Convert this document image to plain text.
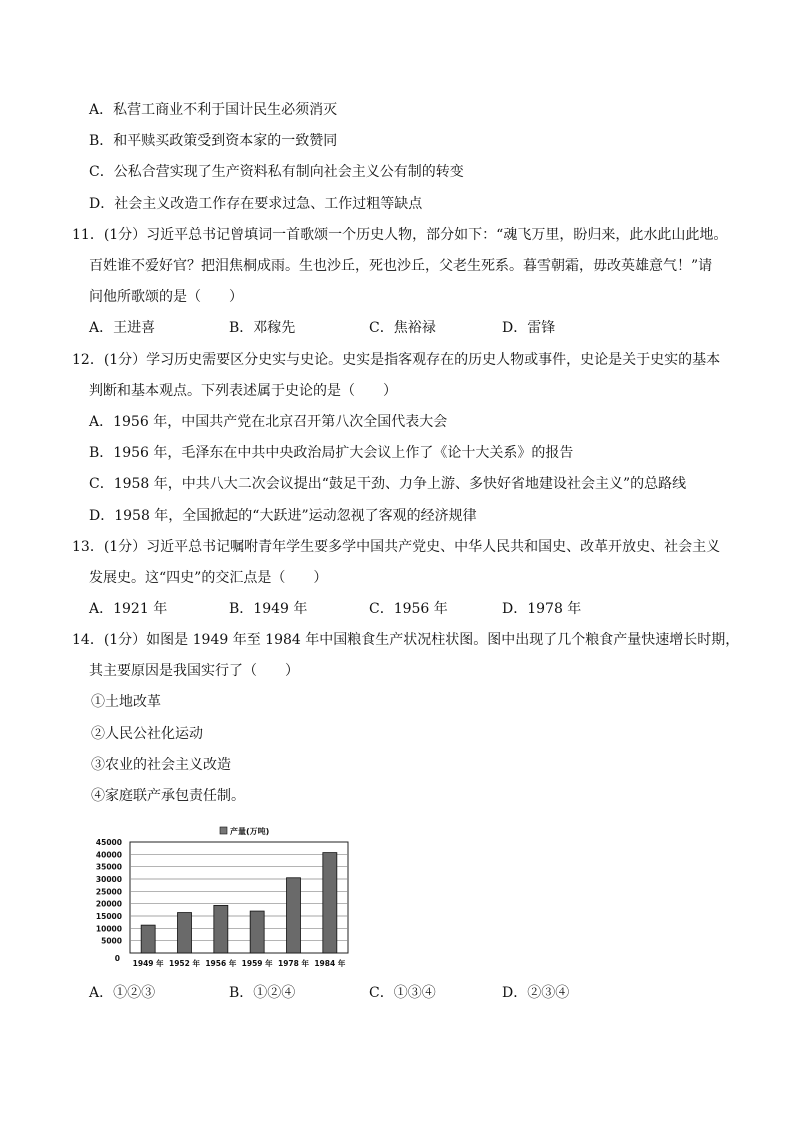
A．私营工商业不利于国计民生必须消灭
B．和平赎买政策受到资本家的一致赞同
C．公私合营实现了生产资料私有制向社会主义公有制的转变
D．社会主义改造工作存在要求过急、工作过粗等缺点
11．(1分）习近平总书记曾填词一首歌颂一个历史人物，部分如下：“魂飞万里，盼归来，此水此山此地。
百姓谁不爱好官？把泪焦桐成雨。生也沙丘，死也沙丘，父老生死系。暮雪朝霜，毋改英雄意气！”请
问他所歌颂的是（　　）
A．王进喜	B．邓稼先	C．焦裕禄	D．雷锋
12．(1分）学习历史需要区分史实与史论。史实是指客观存在的历史人物或事件，史论是关于史实的基本
判断和基本观点。下列表述属于史论的是（　　）
A．1956 年，中国共产党在北京召开第八次全国代表大会
B．1956 年，毛泽东在中共中央政治局扩大会议上作了《论十大关系》的报告
C．1958 年，中共八大二次会议提出“鼓足干劲、力争上游、多快好省地建设社会主义”的总路线
D．1958 年，全国掀起的“大跃进”运动忽视了客观的经济规律
13．(1分）习近平总书记嘱咐青年学生要多学中国共产党史、中华人民共和国史、改革开放史、社会主义
发展史。这“四史”的交汇点是（　　）
A．1921 年	B．1949 年	C．1956 年	D．1978 年
14．(1分）如图是 1949 年至 1984 年中国粮食生产状况柱状图。图中出现了几个粮食产量快速增长时期，
其主要原因是我国实行了（　　）
①土地改革
②人民公社化运动
③农业的社会主义改造
④家庭联产承包责任制。
0
5000
10000
15000
20000
25000
30000
35000
40000
45000
1949 年 1952 年 1956 年 1959 年 1978 年 1984 年
产量(万吨)
A．①②③	B．①②④	C．①③④	D．②③④
